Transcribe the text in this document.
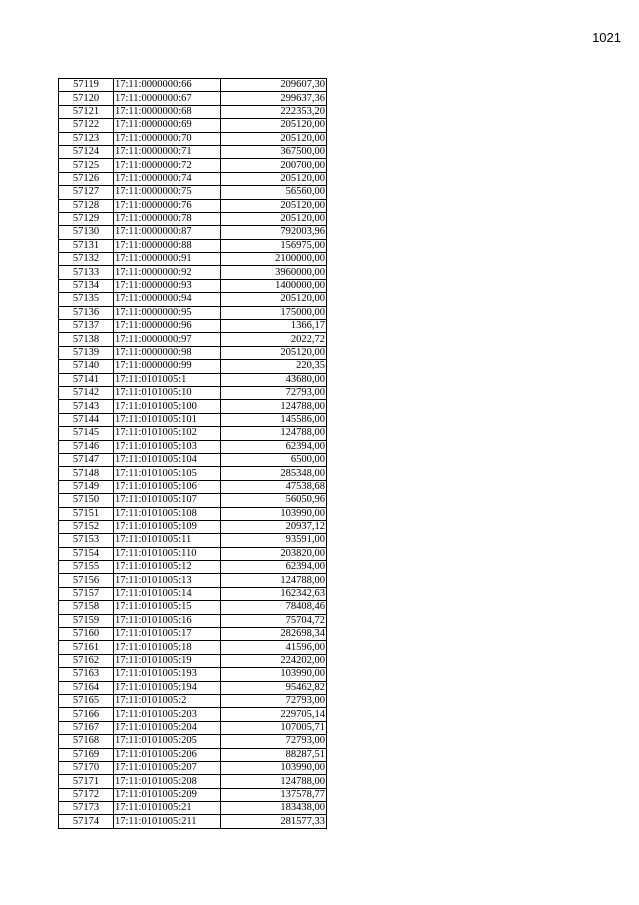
1021
57119	17:11:0000000:66	209607,30
57120	17:11:0000000:67	299637,36
57121	17:11:0000000:68	222353,20
57122	17:11:0000000:69	205120,00
57123	17:11:0000000:70	205120,00
57124	17:11:0000000:71	367500,00
57125	17:11:0000000:72	200700,00
57126	17:11:0000000:74	205120,00
57127	17:11:0000000:75	56560,00
57128	17:11:0000000:76	205120,00
57129	17:11:0000000:78	205120,00
57130	17:11:0000000:87	792003,96
57131	17:11:0000000:88	156975,00
57132	17:11:0000000:91	2100000,00
57133	17:11:0000000:92	3960000,00
57134	17:11:0000000:93	1400000,00
57135	17:11:0000000:94	205120,00
57136	17:11:0000000:95	175000,00
57137	17:11:0000000:96	1366,17
57138	17:11:0000000:97	2022,72
57139	17:11:0000000:98	205120,00
57140	17:11:0000000:99	220,35
57141	17:11:0101005:1	43680,00
57142	17:11:0101005:10	72793,00
57143	17:11:0101005:100	124788,00
57144	17:11:0101005:101	145586,00
57145	17:11:0101005:102	124788,00
57146	17:11:0101005:103	62394,00
57147	17:11:0101005:104	6500,00
57148	17:11:0101005:105	285348,00
57149	17:11:0101005:106	47538,68
57150	17:11:0101005:107	56050,96
57151	17:11:0101005:108	103990,00
57152	17:11:0101005:109	20937,12
57153	17:11:0101005:11	93591,00
57154	17:11:0101005:110	203820,00
57155	17:11:0101005:12	62394,00
57156	17:11:0101005:13	124788,00
57157	17:11:0101005:14	162342,63
57158	17:11:0101005:15	78408,46
57159	17:11:0101005:16	75704,72
57160	17:11:0101005:17	282698,34
57161	17:11:0101005:18	41596,00
57162	17:11:0101005:19	224202,00
57163	17:11:0101005:193	103990,00
57164	17:11:0101005:194	95462,82
57165	17:11:0101005:2	72793,00
57166	17:11:0101005:203	229705,14
57167	17:11:0101005:204	107005,71
57168	17:11:0101005:205	72793,00
57169	17:11:0101005:206	88287,51
57170	17:11:0101005:207	103990,00
57171	17:11:0101005:208	124788,00
57172	17:11:0101005:209	137578,77
57173	17:11:0101005:21	183438,00
57174	17:11:0101005:211	281577,33
